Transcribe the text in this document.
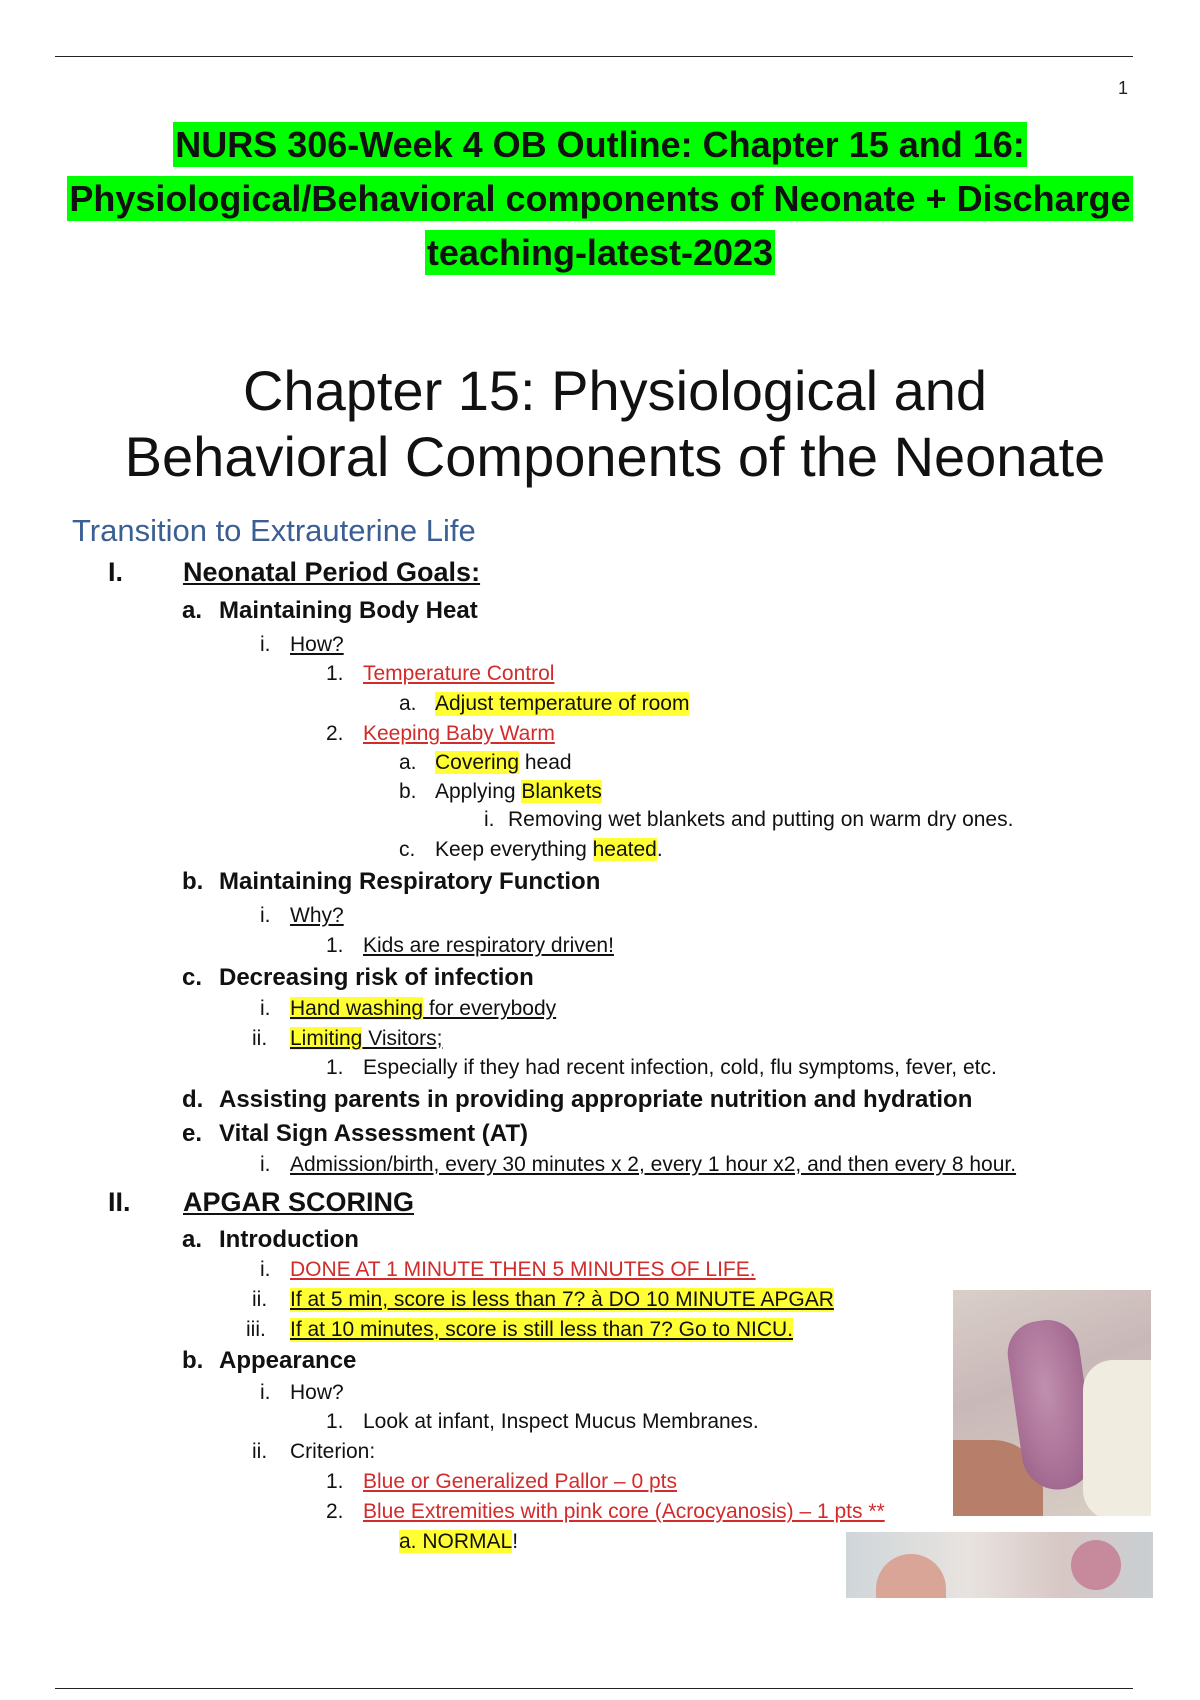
1
NURS 306-Week 4 OB Outline: Chapter 15 and 16:
Physiological/Behavioral components of Neonate + Discharge
teaching-latest-2023
Chapter 15: Physiological and
Behavioral Components of the Neonate
Transition to Extrauterine Life
I. Neonatal Period Goals:
a. Maintaining Body Heat
i. How?
1. Temperature Control
a. Adjust temperature of room
2. Keeping Baby Warm
a. Covering head
b. Applying Blankets
i. Removing wet blankets and putting on warm dry ones.
c. Keep everything heated.
b. Maintaining Respiratory Function
i. Why?
1. Kids are respiratory driven!
c. Decreasing risk of infection
i. Hand washing for everybody
ii. Limiting Visitors;
1. Especially if they had recent infection, cold, flu symptoms, fever, etc.
d. Assisting parents in providing appropriate nutrition and hydration
e. Vital Sign Assessment (AT)
i. Admission/birth, every 30 minutes x 2, every 1 hour x2, and then every 8 hour.
II. APGAR SCORING
a. Introduction
i. DONE AT 1 MINUTE THEN 5 MINUTES OF LIFE.
ii. If at 5 min, score is less than 7? à DO 10 MINUTE APGAR
iii. If at 10 minutes, score is still less than 7? Go to NICU.
b. Appearance
i. How?
1. Look at infant, Inspect Mucus Membranes.
ii. Criterion:
1. Blue or Generalized Pallor – 0 pts
2. Blue Extremities with pink core (Acrocyanosis) – 1 pts **
a. NORMAL!
